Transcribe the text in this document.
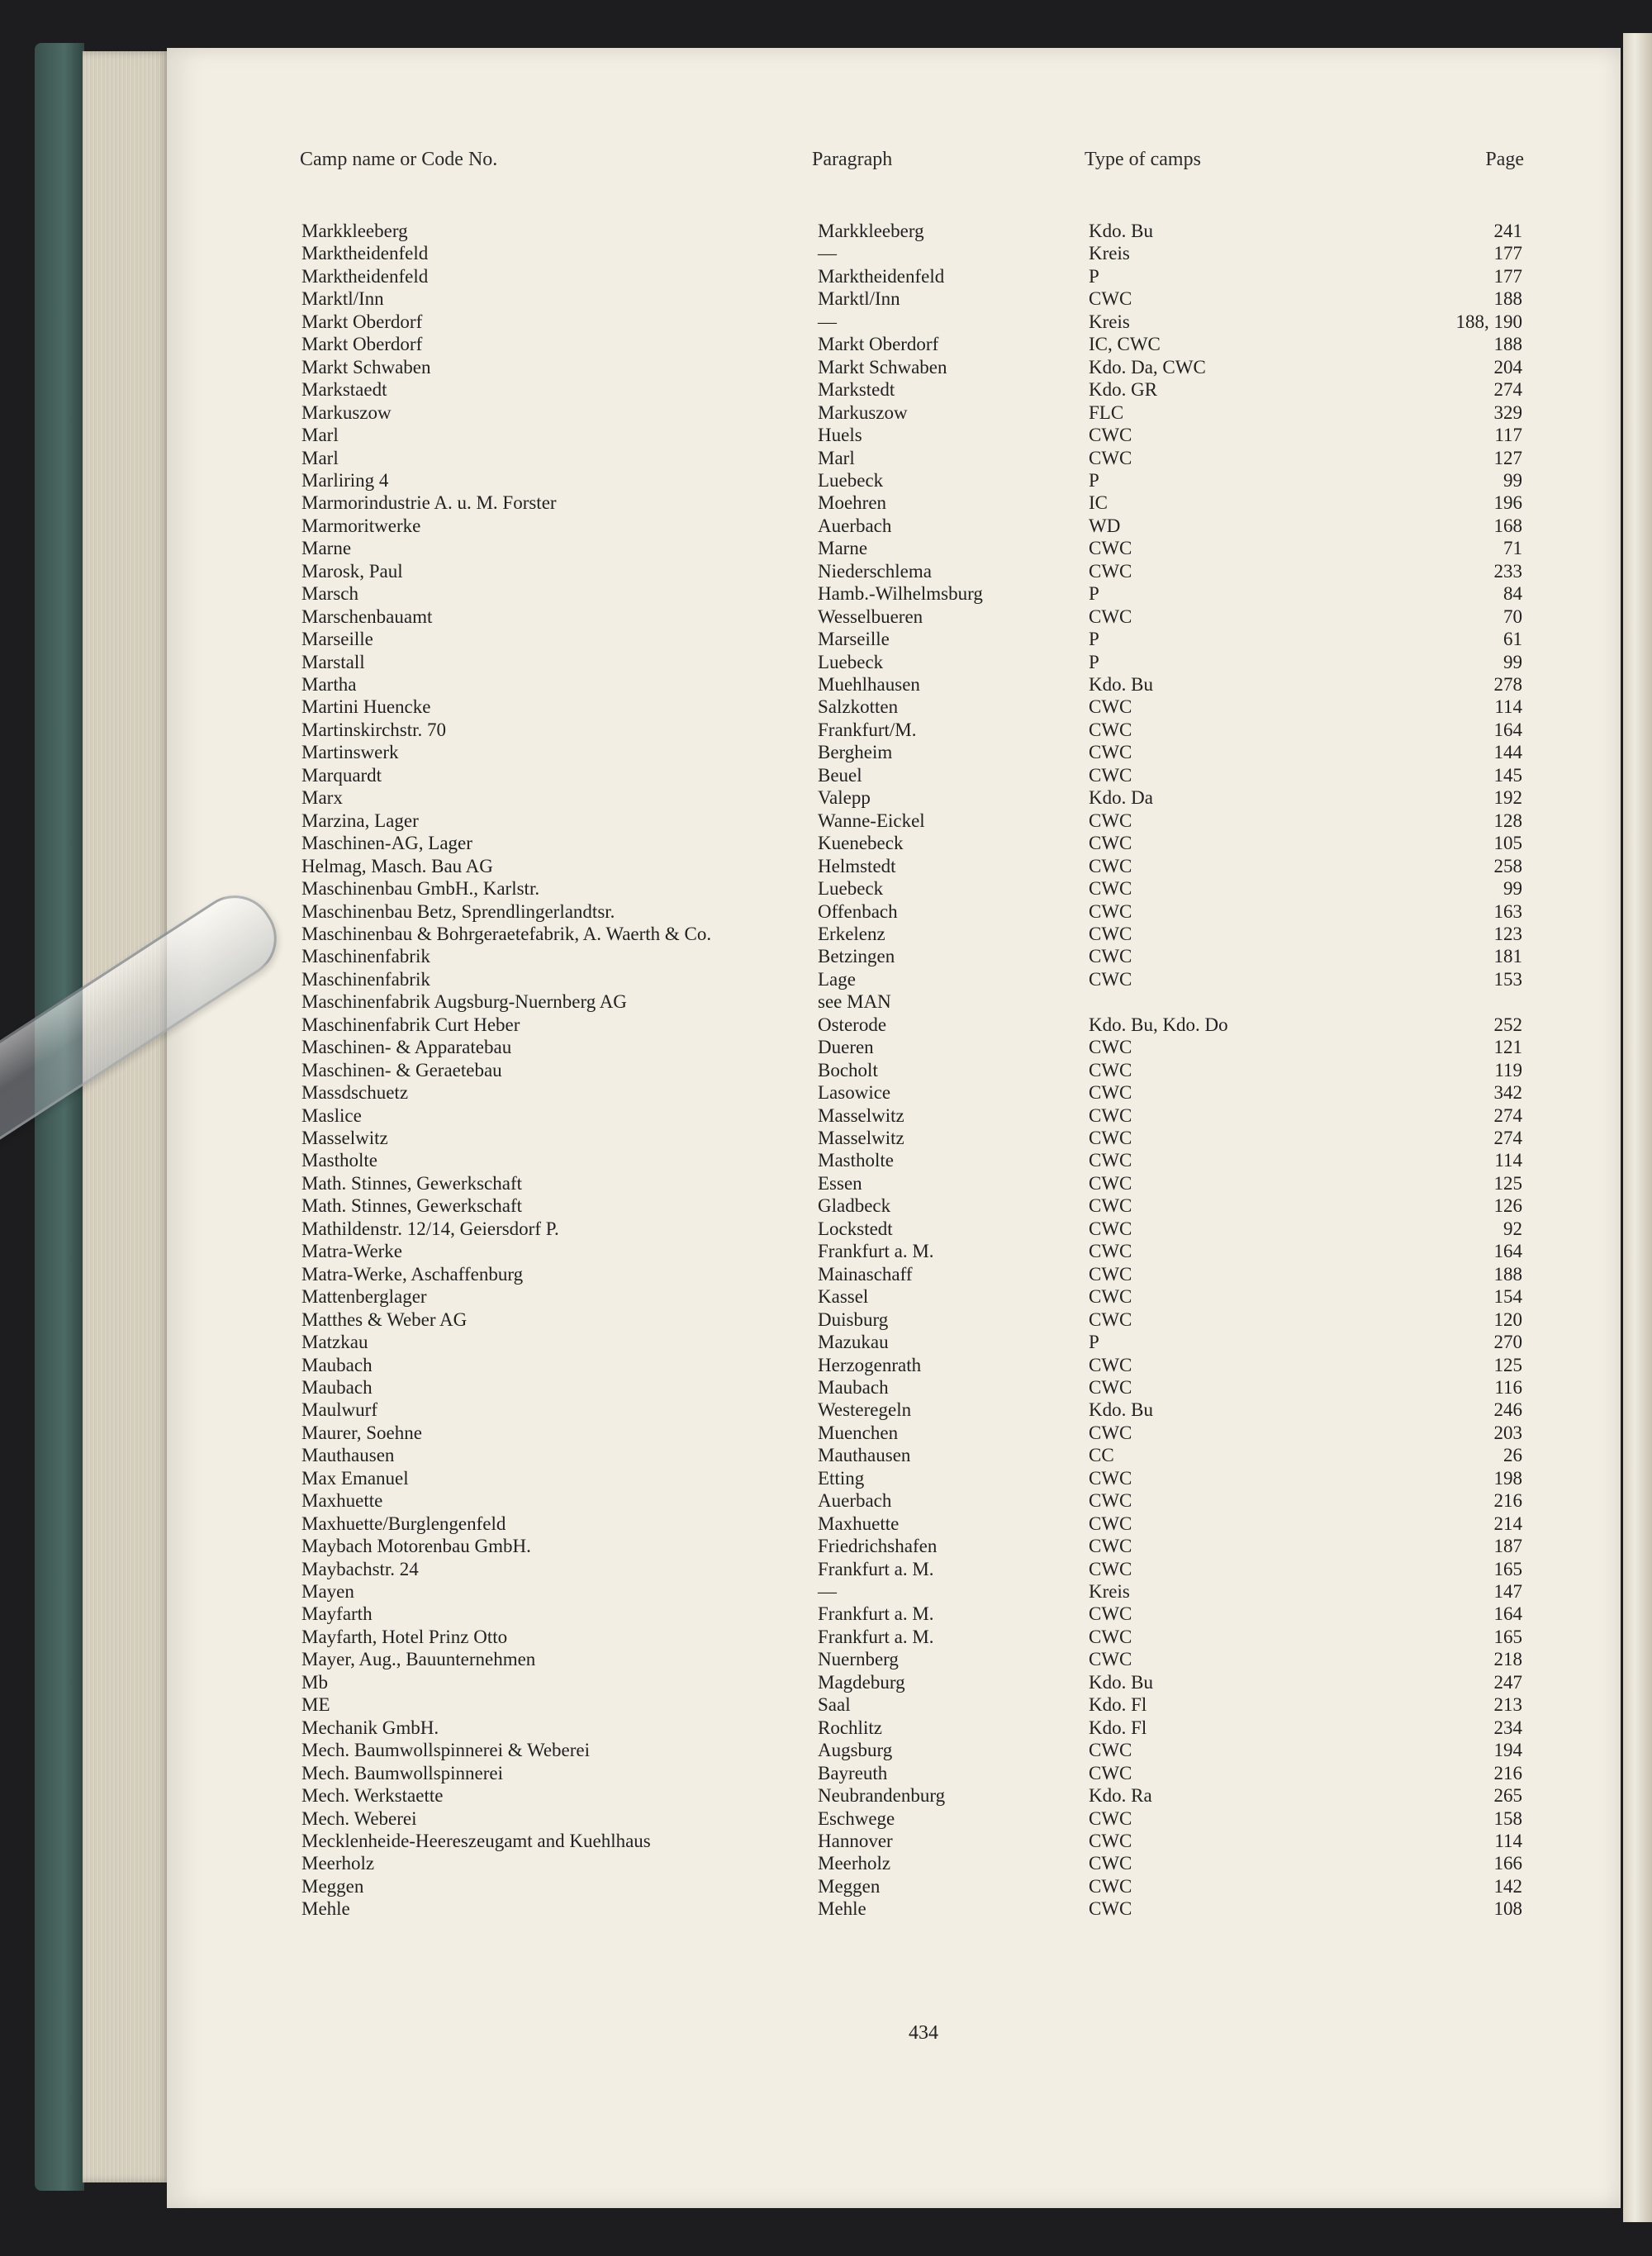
Camp name or Code No.	Paragraph	Type of camps	Page
Markkleeberg	Markkleeberg	Kdo. Bu	241
Marktheidenfeld	—	Kreis	177
Marktheidenfeld	Marktheidenfeld	P	177
Marktl/Inn	Marktl/Inn	CWC	188
Markt Oberdorf	—	Kreis	188, 190
Markt Oberdorf	Markt Oberdorf	IC, CWC	188
Markt Schwaben	Markt Schwaben	Kdo. Da, CWC	204
Markstaedt	Markstedt	Kdo. GR	274
Markuszow	Markuszow	FLC	329
Marl	Huels	CWC	117
Marl	Marl	CWC	127
Marliring 4	Luebeck	P	99
Marmorindustrie A. u. M. Forster	Moehren	IC	196
Marmoritwerke	Auerbach	WD	168
Marne	Marne	CWC	71
Marosk, Paul	Niederschlema	CWC	233
Marsch	Hamb.-Wilhelmsburg	P	84
Marschenbauamt	Wesselbueren	CWC	70
Marseille	Marseille	P	61
Marstall	Luebeck	P	99
Martha	Muehlhausen	Kdo. Bu	278
Martini Huencke	Salzkotten	CWC	114
Martinskirchstr. 70	Frankfurt/M.	CWC	164
Martinswerk	Bergheim	CWC	144
Marquardt	Beuel	CWC	145
Marx	Valepp	Kdo. Da	192
Marzina, Lager	Wanne-Eickel	CWC	128
Maschinen-AG, Lager	Kuenebeck	CWC	105
Helmag, Masch. Bau AG	Helmstedt	CWC	258
Maschinenbau GmbH., Karlstr.	Luebeck	CWC	99
Maschinenbau Betz, Sprendlingerlandtsr.	Offenbach	CWC	163
Maschinenbau & Bohrgeraetefabrik, A. Waerth & Co.	Erkelenz	CWC	123
Maschinenfabrik	Betzingen	CWC	181
Maschinenfabrik	Lage	CWC	153
Maschinenfabrik Augsburg-Nuernberg AG	see MAN
Maschinenfabrik Curt Heber	Osterode	Kdo. Bu, Kdo. Do	252
Maschinen- & Apparatebau	Dueren	CWC	121
Maschinen- & Geraetebau	Bocholt	CWC	119
Massdschuetz	Lasowice	CWC	342
Maslice	Masselwitz	CWC	274
Masselwitz	Masselwitz	CWC	274
Mastholte	Mastholte	CWC	114
Math. Stinnes, Gewerkschaft	Essen	CWC	125
Math. Stinnes, Gewerkschaft	Gladbeck	CWC	126
Mathildenstr. 12/14, Geiersdorf P.	Lockstedt	CWC	92
Matra-Werke	Frankfurt a. M.	CWC	164
Matra-Werke, Aschaffenburg	Mainaschaff	CWC	188
Mattenberglager	Kassel	CWC	154
Matthes & Weber AG	Duisburg	CWC	120
Matzkau	Mazukau	P	270
Maubach	Herzogenrath	CWC	125
Maubach	Maubach	CWC	116
Maulwurf	Westeregeln	Kdo. Bu	246
Maurer, Soehne	Muenchen	CWC	203
Mauthausen	Mauthausen	CC	26
Max Emanuel	Etting	CWC	198
Maxhuette	Auerbach	CWC	216
Maxhuette/Burglengenfeld	Maxhuette	CWC	214
Maybach Motorenbau GmbH.	Friedrichshafen	CWC	187
Maybachstr. 24	Frankfurt a. M.	CWC	165
Mayen	—	Kreis	147
Mayfarth	Frankfurt a. M.	CWC	164
Mayfarth, Hotel Prinz Otto	Frankfurt a. M.	CWC	165
Mayer, Aug., Bauunternehmen	Nuernberg	CWC	218
Mb	Magdeburg	Kdo. Bu	247
ME	Saal	Kdo. Fl	213
Mechanik GmbH.	Rochlitz	Kdo. Fl	234
Mech. Baumwollspinnerei & Weberei	Augsburg	CWC	194
Mech. Baumwollspinnerei	Bayreuth	CWC	216
Mech. Werkstaette	Neubrandenburg	Kdo. Ra	265
Mech. Weberei	Eschwege	CWC	158
Mecklenheide-Heereszeugamt and Kuehlhaus	Hannover	CWC	114
Meerholz	Meerholz	CWC	166
Meggen	Meggen	CWC	142
Mehle	Mehle	CWC	108
434
